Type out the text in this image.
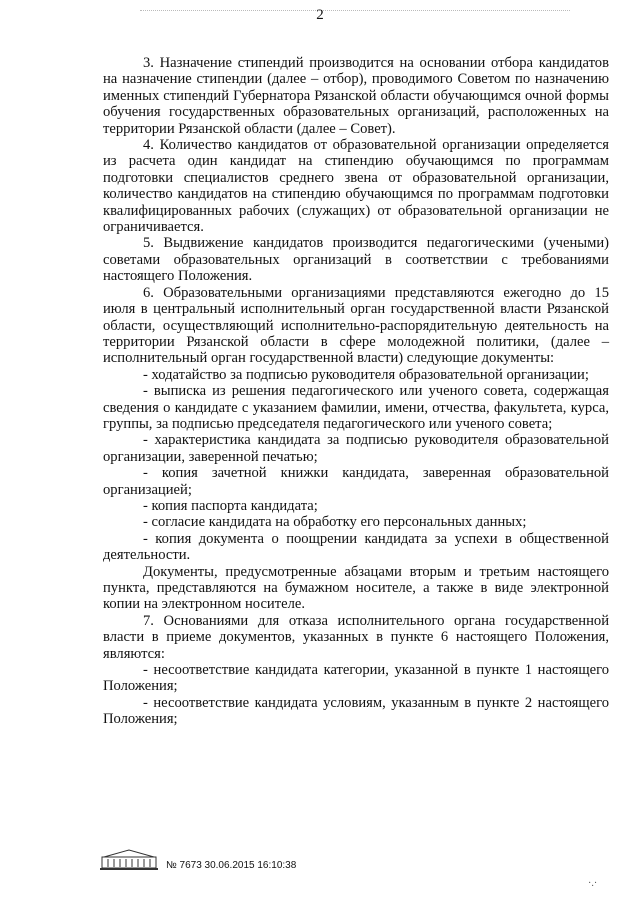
2

3. Назначение стипендий производится на основании отбора кандидатов на назначение стипендии (далее – отбор), проводимого Советом по назначению именных стипендий Губернатора Рязанской области обучающимся очной формы обучения государственных образовательных организаций, расположенных на территории Рязанской области (далее – Совет).

4. Количество кандидатов от образовательной организации определяется из расчета один кандидат на стипендию обучающимся по программам подготовки специалистов среднего звена от образовательной организации, количество кандидатов на стипендию обучающимся по программам подготовки квалифицированных рабочих (служащих) от образовательной организации не ограничивается.

5. Выдвижение кандидатов производится педагогическими (учеными) советами образовательных организаций в соответствии с требованиями настоящего Положения.

6. Образовательными организациями представляются ежегодно до 15 июля в центральный исполнительный орган государственной власти Рязанской области, осуществляющий исполнительно-распорядительную деятельность на территории Рязанской области в сфере молодежной политики, (далее – исполнительный орган государственной власти) следующие документы:

- ходатайство за подписью руководителя образовательной организации;

- выписка из решения педагогического или ученого совета, содержащая сведения о кандидате с указанием фамилии, имени, отчества, факультета, курса, группы, за подписью председателя педагогического или ученого совета;

- характеристика кандидата за подписью руководителя образовательной организации, заверенной печатью;

- копия зачетной книжки кандидата, заверенная образовательной организацией;

- копия паспорта кандидата;

- согласие кандидата на обработку его персональных данных;

- копия документа о поощрении кандидата за успехи в общественной деятельности.

Документы, предусмотренные абзацами вторым и третьим настоящего пункта, представляются на бумажном носителе, а также в виде электронной копии на электронном носителе.

7. Основаниями для отказа исполнительного органа государственной власти в приеме документов, указанных в пункте 6 настоящего Положения, являются:

- несоответствие кандидата категории, указанной в пункте 1 настоящего Положения;

- несоответствие кандидата условиям, указанным в пункте 2 настоящего Положения;

№ 7673 30.06.2015 16:10:38
·.·
